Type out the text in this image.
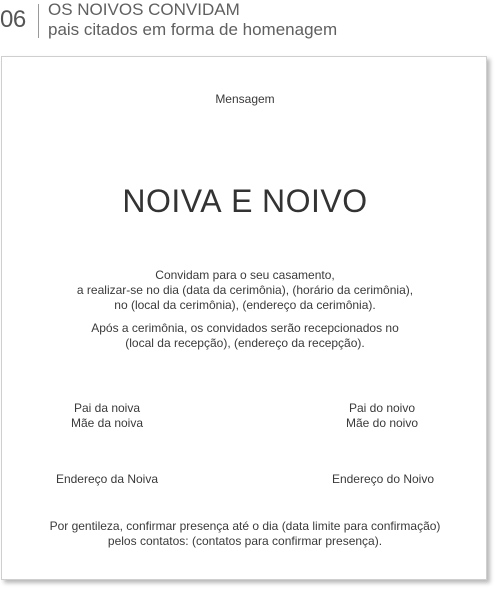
06 OS NOIVOS CONVIDAM
pais citados em forma de homenagem
Mensagem
NOIVA E NOIVO
Convidam para o seu casamento,
a realizar-se no dia (data da cerimônia), (horário da cerimônia),
no (local da cerimônia), (endereço da cerimônia).
Após a cerimônia, os convidados serão recepcionados no
(local da recepção), (endereço da recepção).
Pai da noiva
Mãe da noiva
Pai do noivo
Mãe do noivo
Endereço da Noiva	Endereço do Noivo
Por gentileza, confirmar presença até o dia (data limite para confirmação)
pelos contatos: (contatos para confirmar presença).
